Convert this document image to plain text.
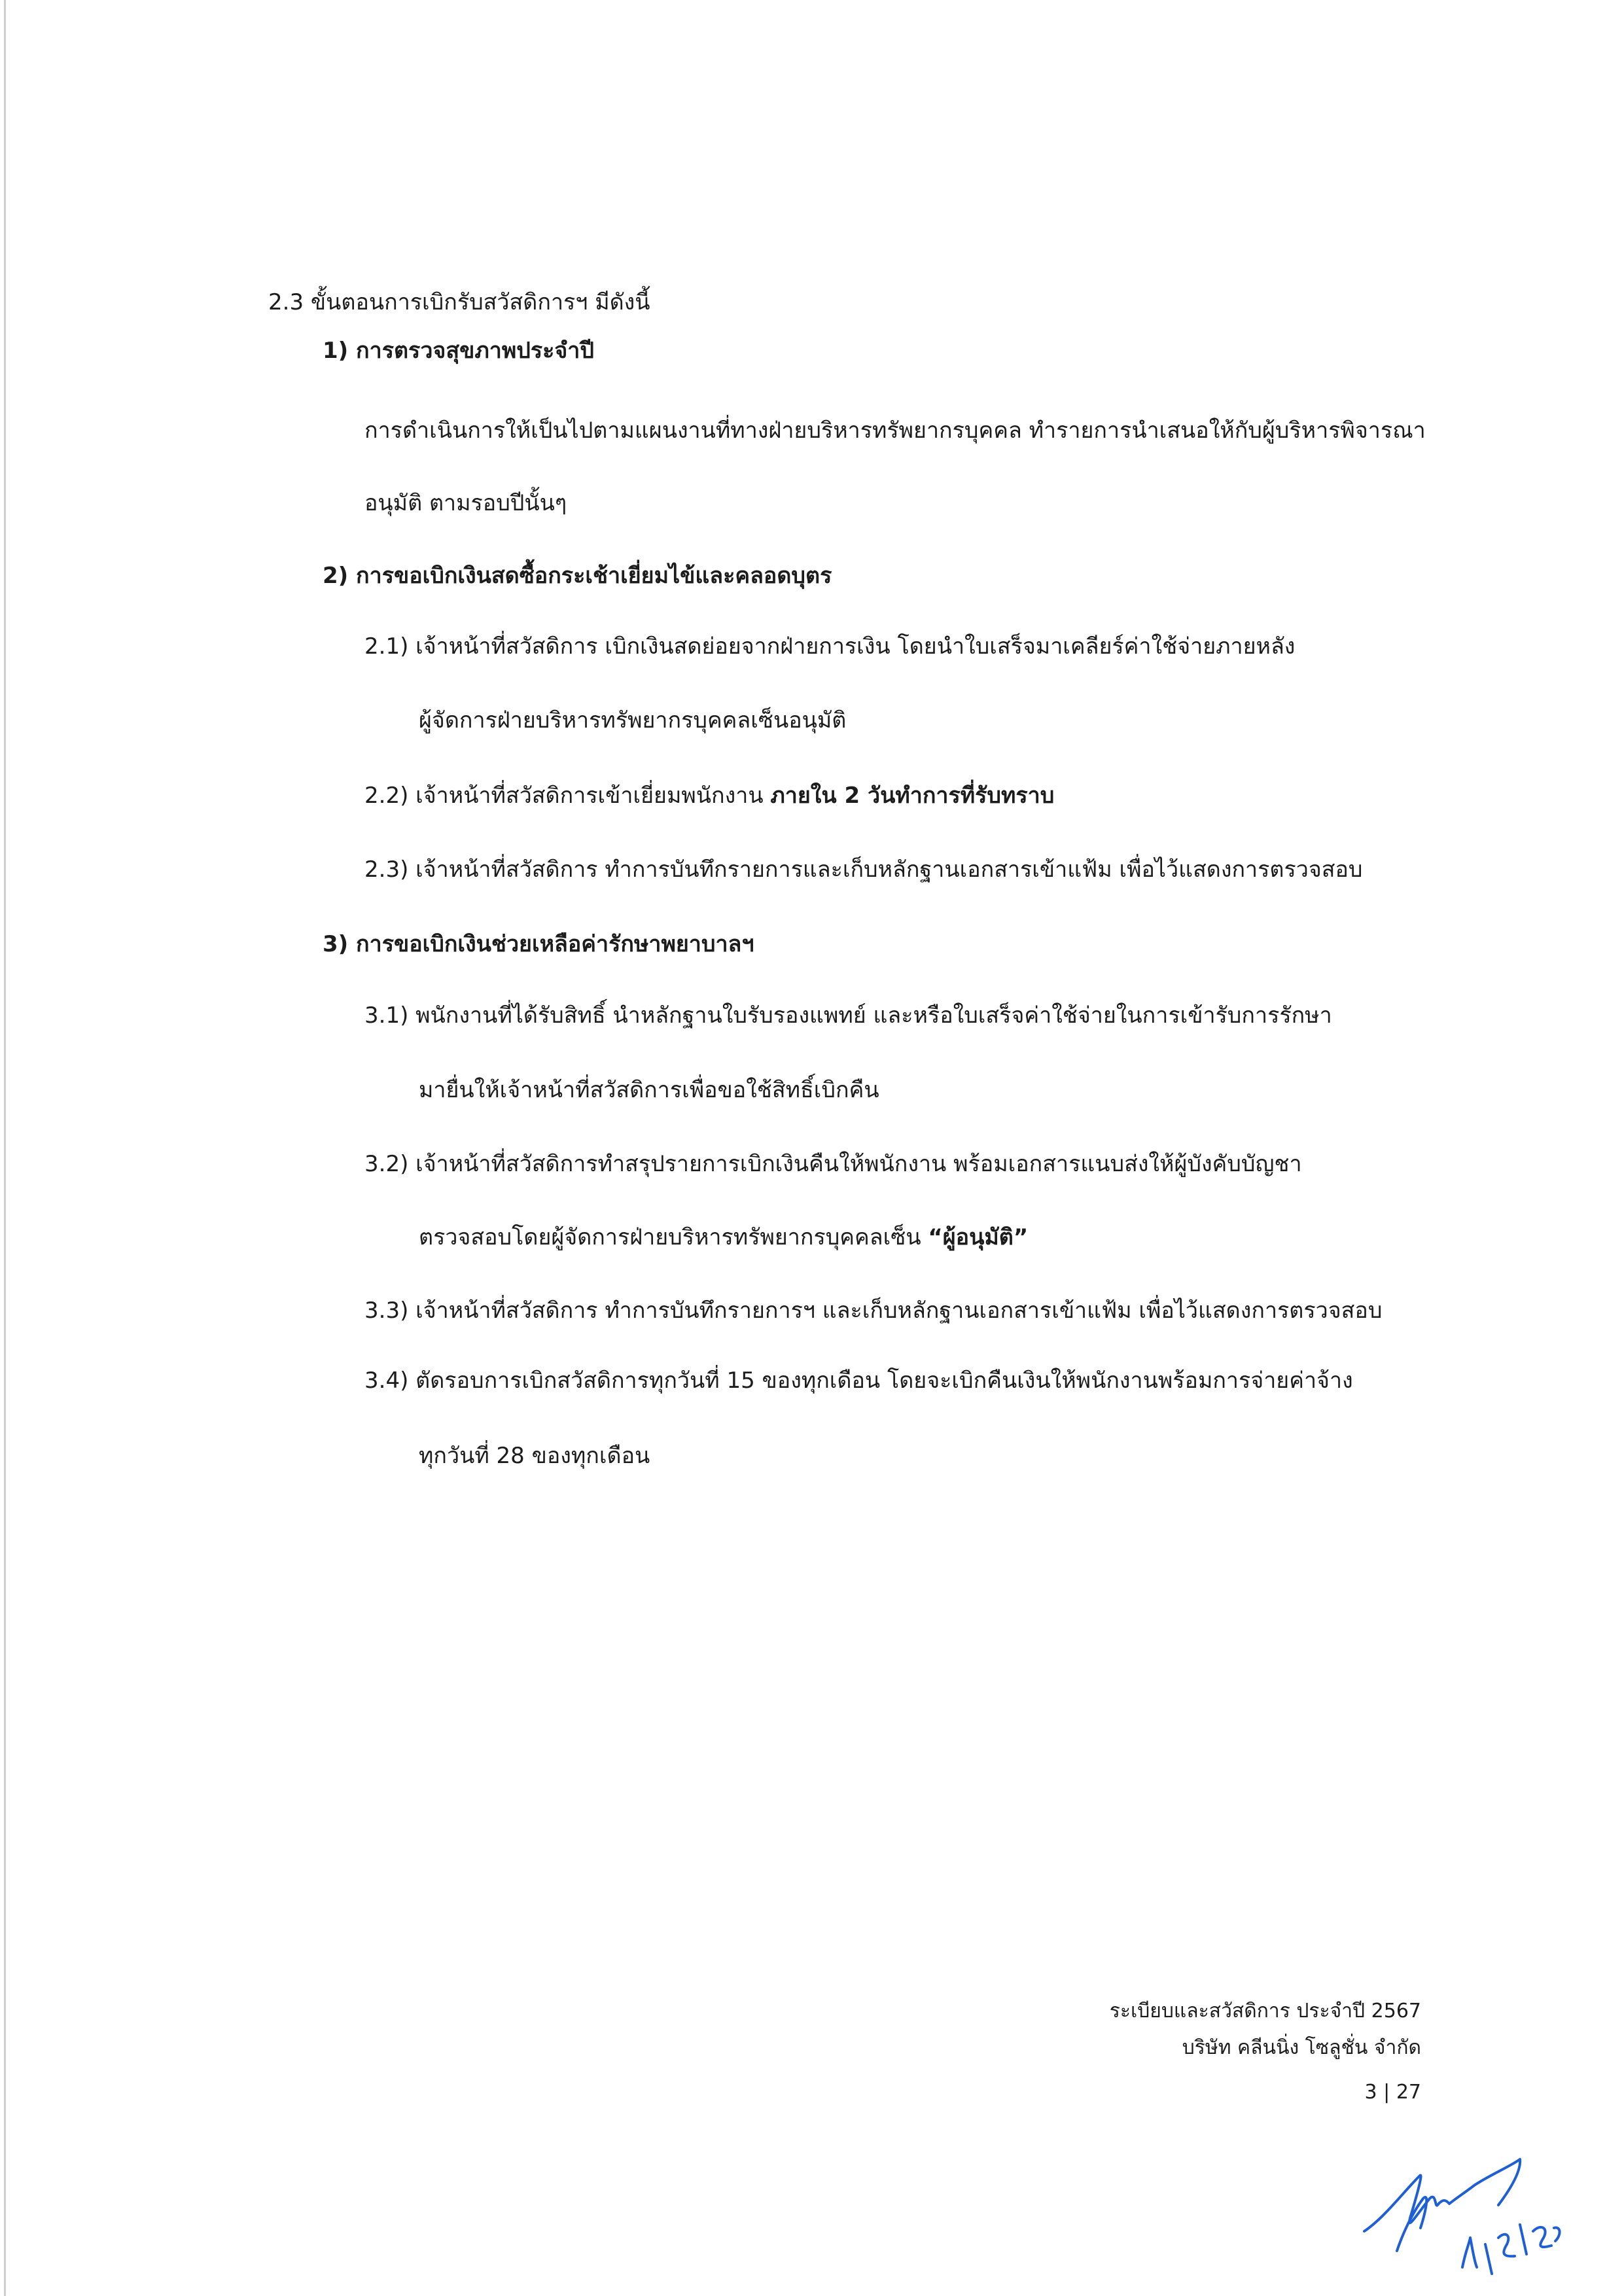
2.3 ขั้นตอนการเบิกรับสวัสดิการฯ มีดังนี้
1) การตรวจสุขภาพประจำปี
การดำเนินการให้เป็นไปตามแผนงานที่ทางฝ่ายบริหารทรัพยากรบุคคล ทำรายการนำเสนอให้กับผู้บริหารพิจารณา
อนุมัติ ตามรอบปีนั้นๆ
2) การขอเบิกเงินสดซื้อกระเช้าเยี่ยมไข้และคลอดบุตร
2.1) เจ้าหน้าที่สวัสดิการ เบิกเงินสดย่อยจากฝ่ายการเงิน โดยนำใบเสร็จมาเคลียร์ค่าใช้จ่ายภายหลัง
ผู้จัดการฝ่ายบริหารทรัพยากรบุคคลเซ็นอนุมัติ
2.2) เจ้าหน้าที่สวัสดิการเข้าเยี่ยมพนักงาน ภายใน 2 วันทำการที่รับทราบ
2.3) เจ้าหน้าที่สวัสดิการ ทำการบันทึกรายการและเก็บหลักฐานเอกสารเข้าแฟ้ม เพื่อไว้แสดงการตรวจสอบ
3) การขอเบิกเงินช่วยเหลือค่ารักษาพยาบาลฯ
3.1) พนักงานที่ได้รับสิทธิ์ นำหลักฐานใบรับรองแพทย์ และหรือใบเสร็จค่าใช้จ่ายในการเข้ารับการรักษา
มายื่นให้เจ้าหน้าที่สวัสดิการเพื่อขอใช้สิทธิ์เบิกคืน
3.2) เจ้าหน้าที่สวัสดิการทำสรุปรายการเบิกเงินคืนให้พนักงาน พร้อมเอกสารแนบส่งให้ผู้บังคับบัญชา
ตรวจสอบโดยผู้จัดการฝ่ายบริหารทรัพยากรบุคคลเซ็น “ผู้อนุมัติ”
3.3) เจ้าหน้าที่สวัสดิการ ทำการบันทึกรายการฯ และเก็บหลักฐานเอกสารเข้าแฟ้ม เพื่อไว้แสดงการตรวจสอบ
3.4) ตัดรอบการเบิกสวัสดิการทุกวันที่ 15 ของทุกเดือน โดยจะเบิกคืนเงินให้พนักงานพร้อมการจ่ายค่าจ้าง
ทุกวันที่ 28 ของทุกเดือน
ระเบียบและสวัสดิการ ประจำปี 2567
บริษัท คลีนนิ่ง โซลูชั่น จำกัด
3 | 27
